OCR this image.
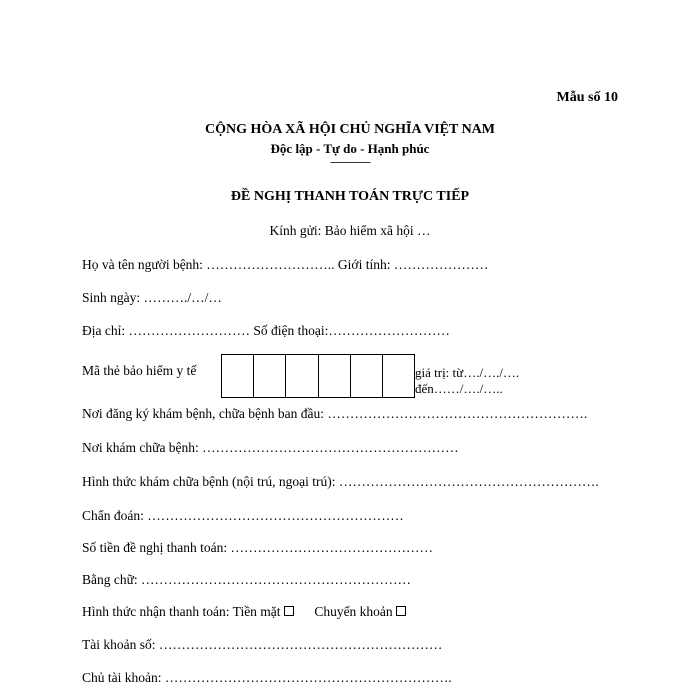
Mẫu số 10
CỘNG HÒA XÃ HỘI CHỦ NGHĨA VIỆT NAM
Độc lập - Tự do - Hạnh phúc
---------------
ĐỀ NGHỊ THANH TOÁN TRỰC TIẾP
Kính gửi: Bảo hiểm xã hội …
Họ và tên người bệnh: ……………………….. Giới tính: …………………
Sinh ngày: ………./…/…
Địa chỉ: ……………………… Số điện thoại:………………………
Mã thẻ bảo hiểm y tế	giá trị: từ…./…./….
đến……/…./…..
Nơi đăng ký khám bệnh, chữa bệnh ban đầu: ………………………………………………….
Nơi khám chữa bệnh: …………………………………………………
Hình thức khám chữa bệnh (nội trú, ngoại trú): ………………………………………………….
Chẩn đoán: …………………………………………………
Số tiền đề nghị thanh toán: ………………………………………
Bằng chữ: ……………………………………………………
Hình thức nhận thanh toán: Tiền mặt	Chuyển khoản
Tài khoản số: ………………………………………………………
Chủ tài khoản: ……………………………………………………….
